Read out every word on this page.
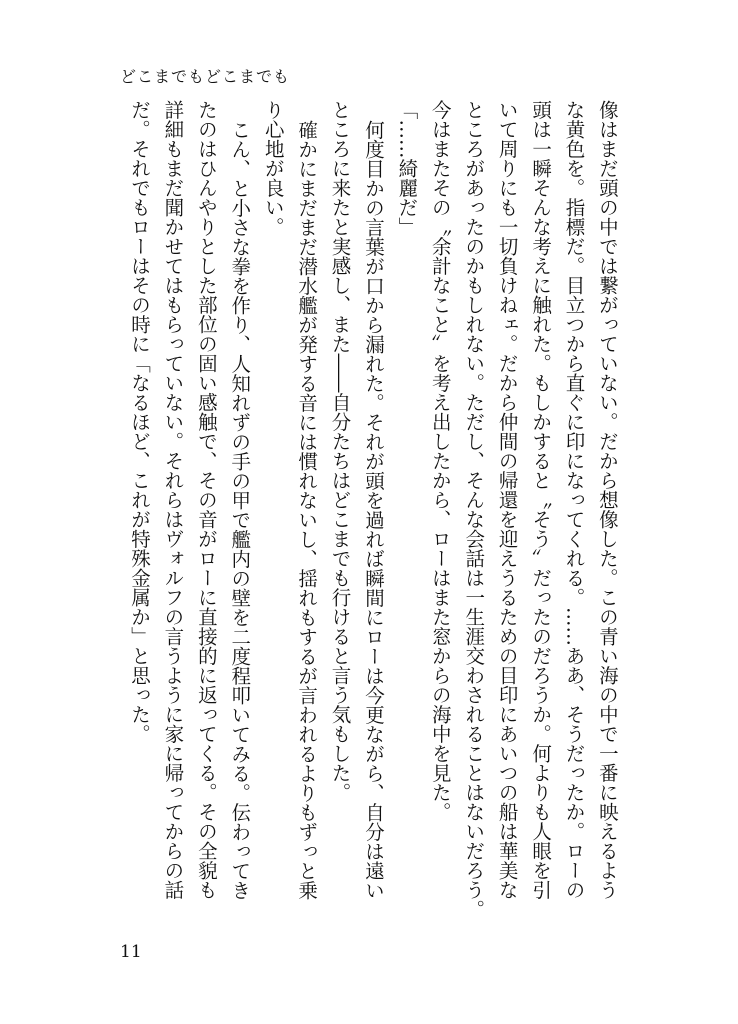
どこまでもどこまでも
像はまだ頭の中では繋がっていない。だから想像した。この青い海の中で一番に映えるよう
な黄色を。指標だ。目立つから直ぐに印になってくれる。……ああ、そうだったか。ローの
頭は一瞬そんな考えに触れた。もしかすると〝そう〟だったのだろうか。何よりも人眼を引
いて周りにも一切負けねェ。だから仲間の帰還を迎えうるための目印にあいつの船は華美な
ところがあったのかもしれない。ただし、そんな会話は一生涯交わされることはないだろう。
今はまたその〝余計なこと〟を考え出したから、ローはまた窓からの海中を見た。
「……綺麗だ」
何度目かの言葉が口から漏れた。それが頭を過れば瞬間にローは今更ながら、自分は遠い
ところに来たと実感し、また――自分たちはどこまでも行けると言う気もした。
確かにまだまだ潜水艦が発する音には慣れないし、揺れもするが言われるよりもずっと乗
り心地が良い。
こん、と小さな拳を作り、人知れずの手の甲で艦内の壁を二度程叩いてみる。伝わってき
たのはひんやりとした部位の固い感触で、その音がローに直接的に返ってくる。その全貌も
詳細もまだ聞かせてはもらっていない。それらはヴォルフの言うように家に帰ってからの話
だ。それでもローはその時に「なるほど、これが特殊金属か」と思った。
11
